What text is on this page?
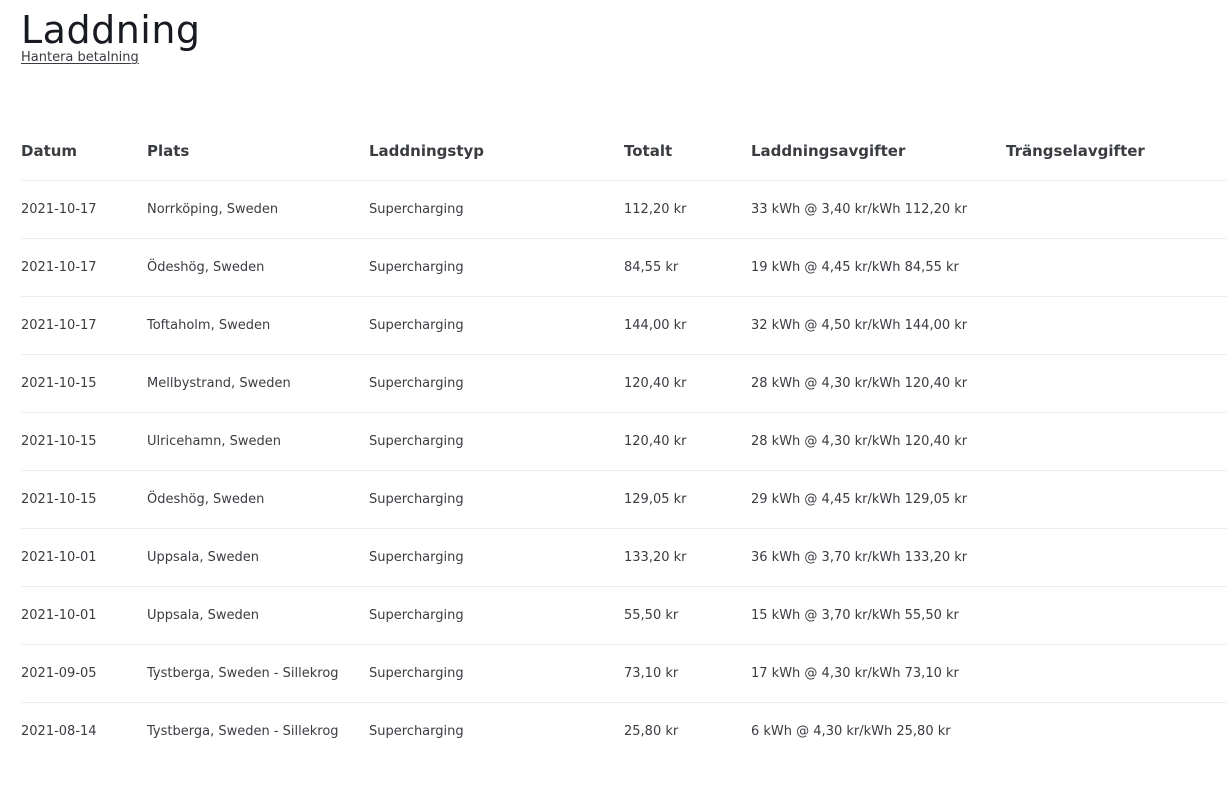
Laddning
Hantera betalning
Datum	Plats	Laddningstyp	Totalt	Laddningsavgifter	Trängselavgifter
2021-10-17	Norrköping, Sweden	Supercharging	112,20 kr	33 kWh @ 3,40 kr/kWh 112,20 kr	
2021-10-17	Ödeshög, Sweden	Supercharging	84,55 kr	19 kWh @ 4,45 kr/kWh 84,55 kr	
2021-10-17	Toftaholm, Sweden	Supercharging	144,00 kr	32 kWh @ 4,50 kr/kWh 144,00 kr	
2021-10-15	Mellbystrand, Sweden	Supercharging	120,40 kr	28 kWh @ 4,30 kr/kWh 120,40 kr	
2021-10-15	Ulricehamn, Sweden	Supercharging	120,40 kr	28 kWh @ 4,30 kr/kWh 120,40 kr	
2021-10-15	Ödeshög, Sweden	Supercharging	129,05 kr	29 kWh @ 4,45 kr/kWh 129,05 kr	
2021-10-01	Uppsala, Sweden	Supercharging	133,20 kr	36 kWh @ 3,70 kr/kWh 133,20 kr	
2021-10-01	Uppsala, Sweden	Supercharging	55,50 kr	15 kWh @ 3,70 kr/kWh 55,50 kr	
2021-09-05	Tystberga, Sweden - Sillekrog	Supercharging	73,10 kr	17 kWh @ 4,30 kr/kWh 73,10 kr	
2021-08-14	Tystberga, Sweden - Sillekrog	Supercharging	25,80 kr	6 kWh @ 4,30 kr/kWh 25,80 kr	
